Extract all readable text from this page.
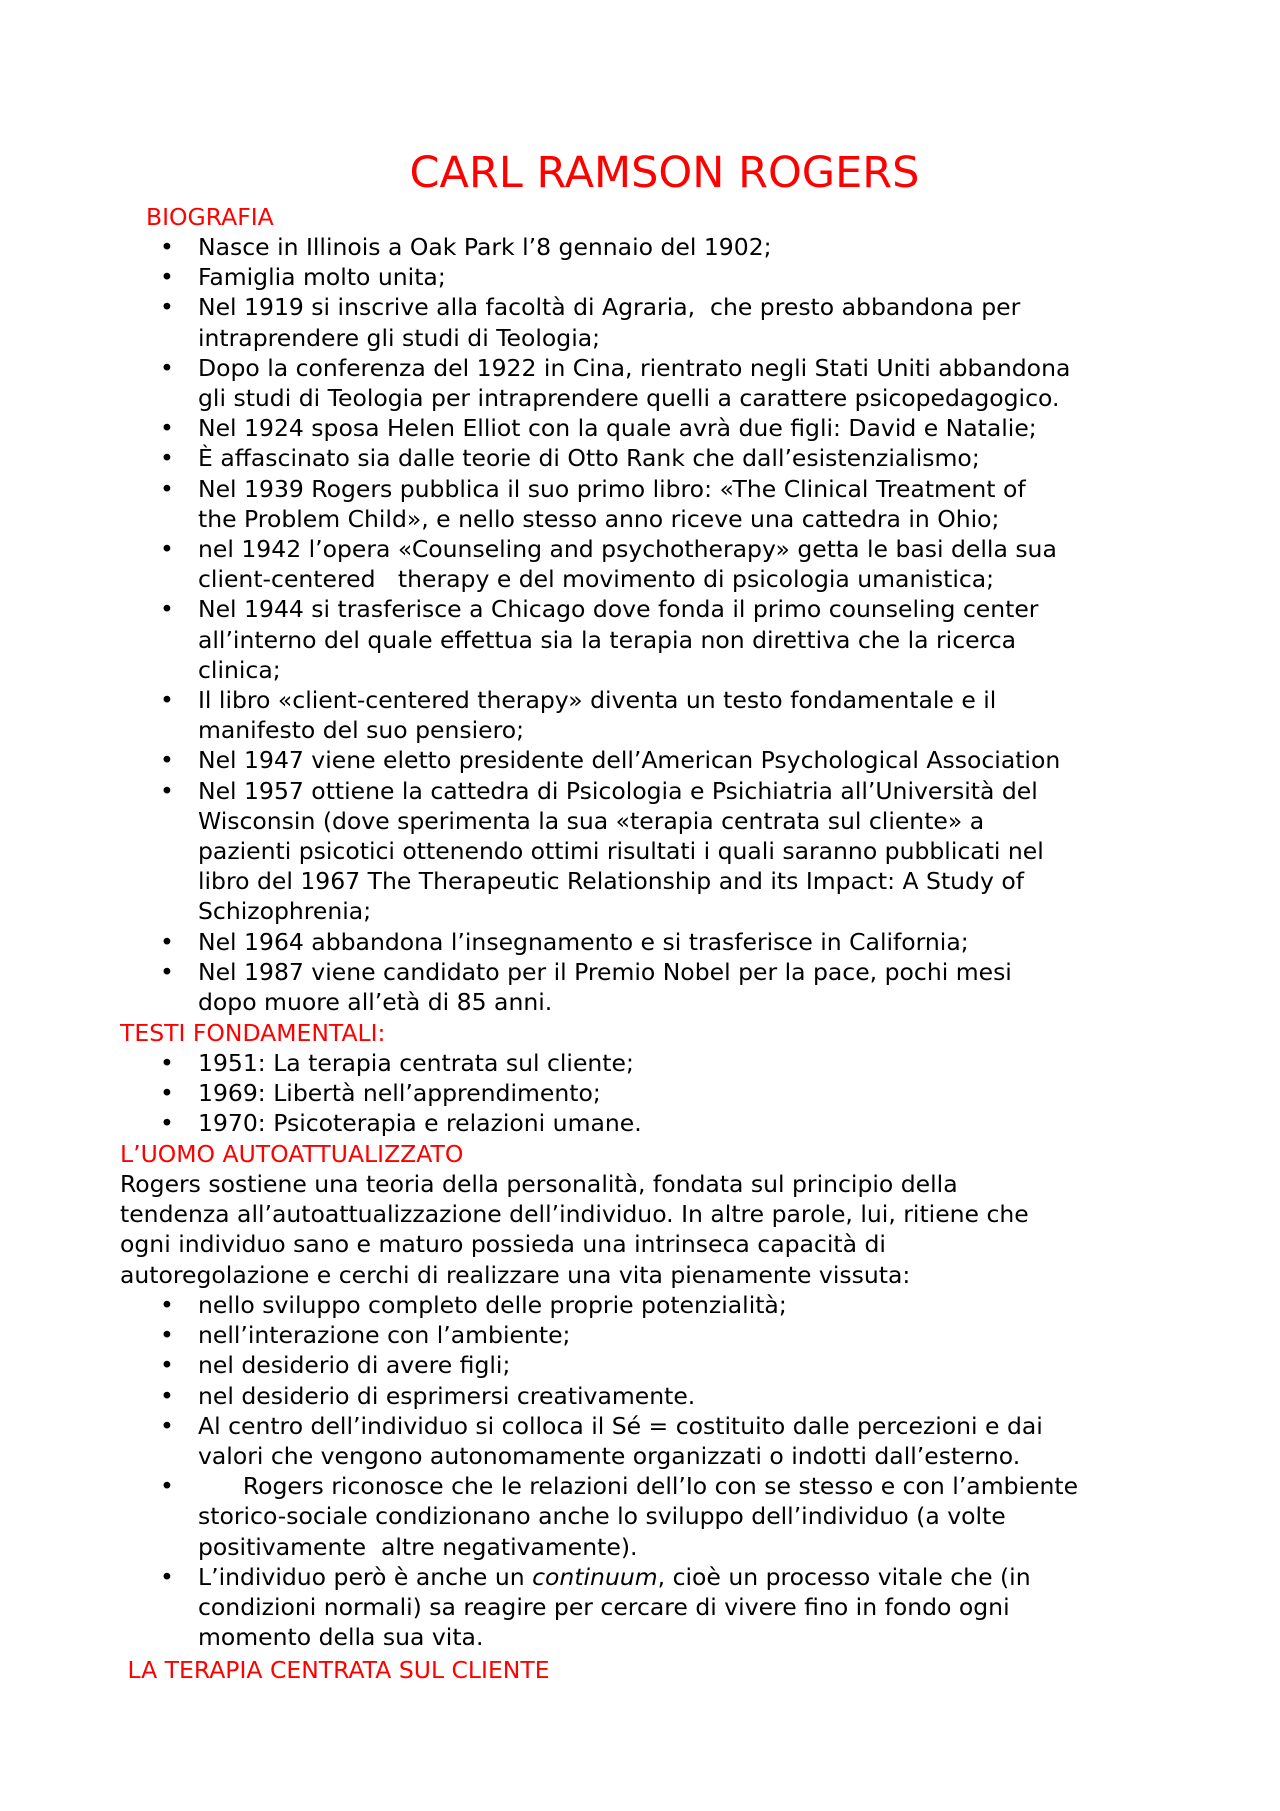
CARL RAMSON ROGERS
BIOGRAFIA
• Nasce in Illinois a Oak Park l’8 gennaio del 1902;
• Famiglia molto unita;
• Nel 1919 si inscrive alla facoltà di Agraria,  che presto abbandona per
intraprendere gli studi di Teologia;
• Dopo la conferenza del 1922 in Cina, rientrato negli Stati Uniti abbandona
gli studi di Teologia per intraprendere quelli a carattere psicopedagogico.
• Nel 1924 sposa Helen Elliot con la quale avrà due figli: David e Natalie;
• È affascinato sia dalle teorie di Otto Rank che dall’esistenzialismo;
• Nel 1939 Rogers pubblica il suo primo libro: «The Clinical Treatment of
the Problem Child», e nello stesso anno riceve una cattedra in Ohio;
• nel 1942 l’opera «Counseling and psychotherapy» getta le basi della sua
client-centered   therapy e del movimento di psicologia umanistica;
• Nel 1944 si trasferisce a Chicago dove fonda il primo counseling center
all’interno del quale effettua sia la terapia non direttiva che la ricerca
clinica;
• Il libro «client-centered therapy» diventa un testo fondamentale e il
manifesto del suo pensiero;
• Nel 1947 viene eletto presidente dell’American Psychological Association
• Nel 1957 ottiene la cattedra di Psicologia e Psichiatria all’Università del
Wisconsin (dove sperimenta la sua «terapia centrata sul cliente» a
pazienti psicotici ottenendo ottimi risultati i quali saranno pubblicati nel
libro del 1967 The Therapeutic Relationship and its Impact: A Study of
Schizophrenia;
• Nel 1964 abbandona l’insegnamento e si trasferisce in California;
• Nel 1987 viene candidato per il Premio Nobel per la pace, pochi mesi
dopo muore all’età di 85 anni.
TESTI FONDAMENTALI:
• 1951: La terapia centrata sul cliente;
• 1969: Libertà nell’apprendimento;
• 1970: Psicoterapia e relazioni umane.
L’UOMO AUTOATTUALIZZATO
Rogers sostiene una teoria della personalità, fondata sul principio della
tendenza all’autoattualizzazione dell’individuo. In altre parole, lui, ritiene che
ogni individuo sano e maturo possieda una intrinseca capacità di
autoregolazione e cerchi di realizzare una vita pienamente vissuta:
• nello sviluppo completo delle proprie potenzialità;
• nell’interazione con l’ambiente;
• nel desiderio di avere figli;
• nel desiderio di esprimersi creativamente.
• Al centro dell’individuo si colloca il Sé = costituito dalle percezioni e dai
valori che vengono autonomamente organizzati o indotti dall’esterno.
• Rogers riconosce che le relazioni dell’Io con se stesso e con l’ambiente
storico-sociale condizionano anche lo sviluppo dell’individuo (a volte
positivamente  altre negativamente).
• L’individuo però è anche un continuum, cioè un processo vitale che (in
condizioni normali) sa reagire per cercare di vivere fino in fondo ogni
momento della sua vita.
LA TERAPIA CENTRATA SUL CLIENTE
